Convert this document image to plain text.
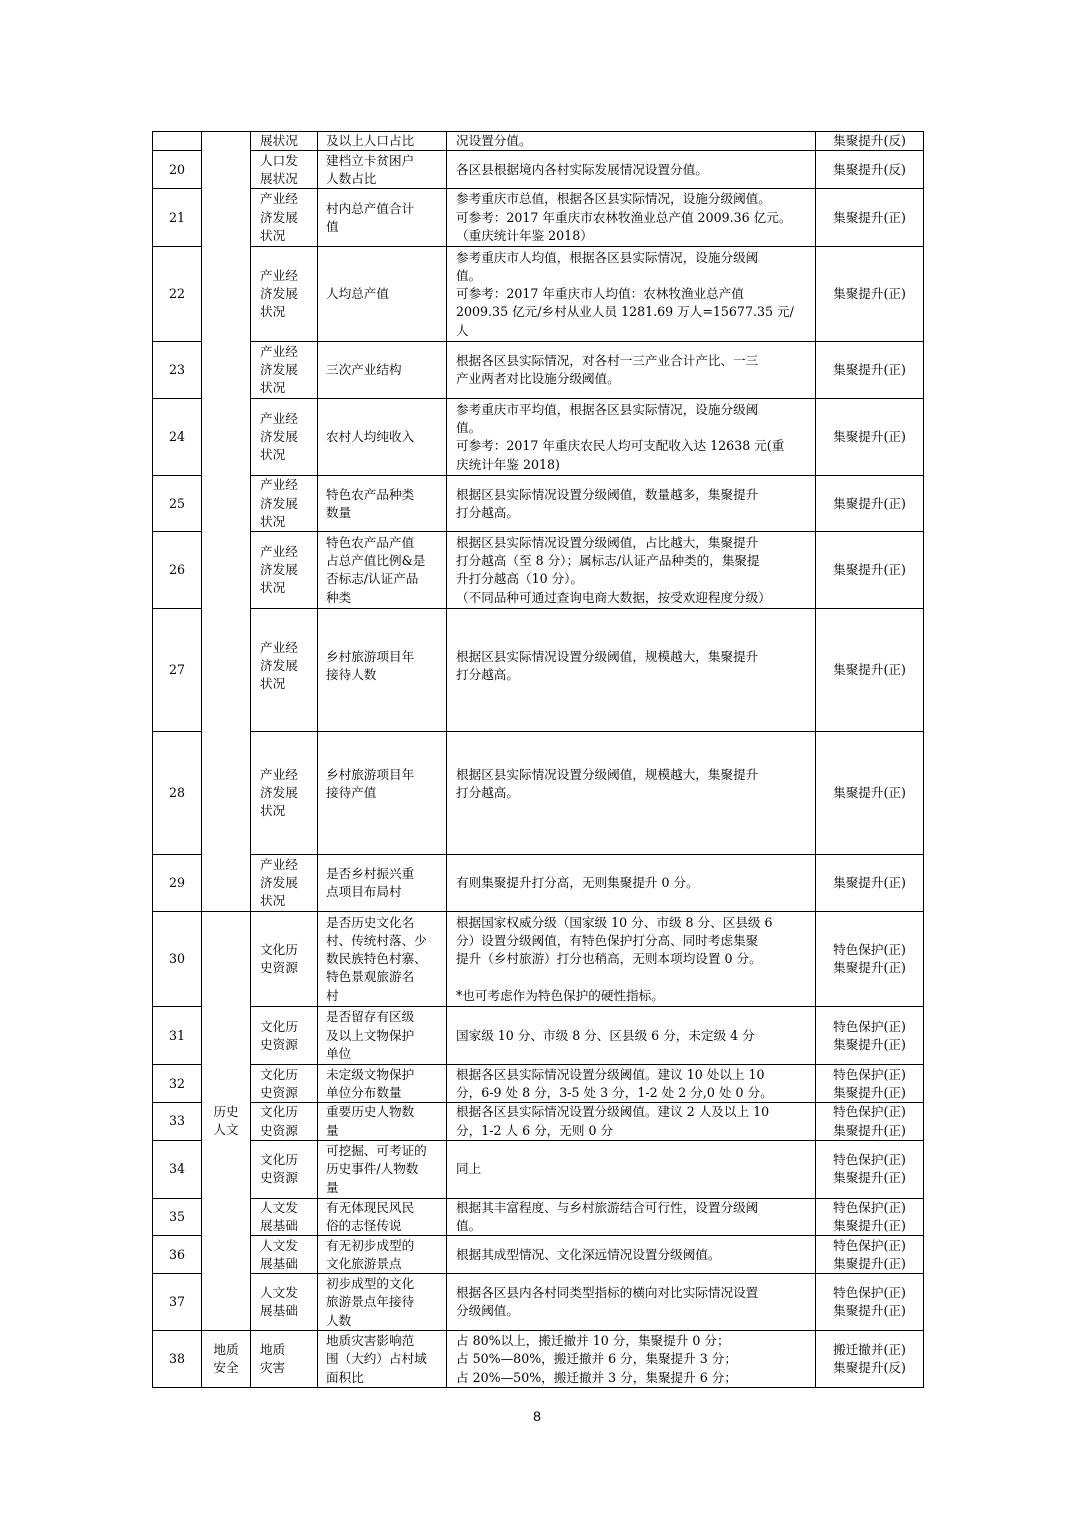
		展状况	及以上人口占比	况设置分值。	集聚提升(反)

20		人口发
展状况	建档立卡贫困户
人数占比	各区县根据境内各村实际发展情况设置分值。	集聚提升(反)

21		产业经
济发展
状况	村内总产值合计
值	参考重庆市总值，根据各区县实际情况，设施分级阈值。
可参考：2017 年重庆市农林牧渔业总产值 2009.36 亿元。
（重庆统计年鉴 2018）	集聚提升(正)

22		产业经
济发展
状况	人均总产值	参考重庆市人均值，根据各区县实际情况，设施分级阈
值。
可参考：2017 年重庆市人均值：农林牧渔业总产值
2009.35 亿元/乡村从业人员 1281.69 万人=15677.35 元/
人	集聚提升(正)

23		产业经
济发展
状况	三次产业结构	根据各区县实际情况，对各村一三产业合计产比、一三
产业两者对比设施分级阈值。	集聚提升(正)

24		产业经
济发展
状况	农村人均纯收入	参考重庆市平均值，根据各区县实际情况，设施分级阈
值。
可参考：2017 年重庆农民人均可支配收入达 12638 元(重
庆统计年鉴 2018)	集聚提升(正)

25		产业经
济发展
状况	特色农产品种类
数量	根据区县实际情况设置分级阈值，数量越多，集聚提升
打分越高。	集聚提升(正)

26		产业经
济发展
状况	特色农产品产值
占总产值比例&是
否标志/认证产品
种类	根据区县实际情况设置分级阈值，占比越大，集聚提升
打分越高（至 8 分）；属标志/认证产品种类的，集聚提
升打分越高（10 分）。
（不同品种可通过查询电商大数据，按受欢迎程度分级）	集聚提升(正)

27		产业经
济发展
状况	乡村旅游项目年
接待人数	根据区县实际情况设置分级阈值，规模越大，集聚提升
打分越高。	集聚提升(正)

28		产业经
济发展
状况	乡村旅游项目年
接待产值	根据区县实际情况设置分级阈值，规模越大，集聚提升
打分越高。	集聚提升(正)

29		产业经
济发展
状况	是否乡村振兴重
点项目布局村	有则集聚提升打分高，无则集聚提升 0 分。	集聚提升(正)

30	历史
人文	文化历
史资源	是否历史文化名
村、传统村落、少
数民族特色村寨、
特色景观旅游名
村	根据国家权威分级（国家级 10 分、市级 8 分、区县级 6
分）设置分级阈值，有特色保护打分高、同时考虑集聚
提升（乡村旅游）打分也稍高，无则本项均设置 0 分。

*也可考虑作为特色保护的硬性指标。	特色保护(正)
集聚提升(正)

31		文化历
史资源	是否留存有区级
及以上文物保护
单位	国家级 10 分、市级 8 分、区县级 6 分，未定级 4 分	特色保护(正)
集聚提升(正)

32		文化历
史资源	未定级文物保护
单位分布数量	根据各区县实际情况设置分级阈值。建议 10 处以上 10
分，6-9 处 8 分，3-5 处 3 分，1-2 处 2 分,0 处 0 分。	特色保护(正)
集聚提升(正)

33		文化历
史资源	重要历史人物数
量	根据各区县实际情况设置分级阈值。建议 2 人及以上 10
分，1-2 人 6 分，无则 0 分	特色保护(正)
集聚提升(正)

34		文化历
史资源	可挖掘、可考证的
历史事件/人物数
量	同上	特色保护(正)
集聚提升(正)

35		人文发
展基础	有无体现民风民
俗的志怪传说	根据其丰富程度、与乡村旅游结合可行性，设置分级阈
值。	特色保护(正)
集聚提升(正)

36		人文发
展基础	有无初步成型的
文化旅游景点	根据其成型情况、文化深远情况设置分级阈值。	特色保护(正)
集聚提升(正)

37		人文发
展基础	初步成型的文化
旅游景点年接待
人数	根据各区县内各村同类型指标的横向对比实际情况设置
分级阈值。	特色保护(正)
集聚提升(正)

38	地质
安全	地质
灾害	地质灾害影响范
围（大约）占村域
面积比	占 80%以上，搬迁撤并 10 分，集聚提升 0 分；
占 50%—80%，搬迁撤并 6 分，集聚提升 3 分；
占 20%—50%，搬迁撤并 3 分，集聚提升 6 分；	搬迁撤并(正)
集聚提升(反)
8
